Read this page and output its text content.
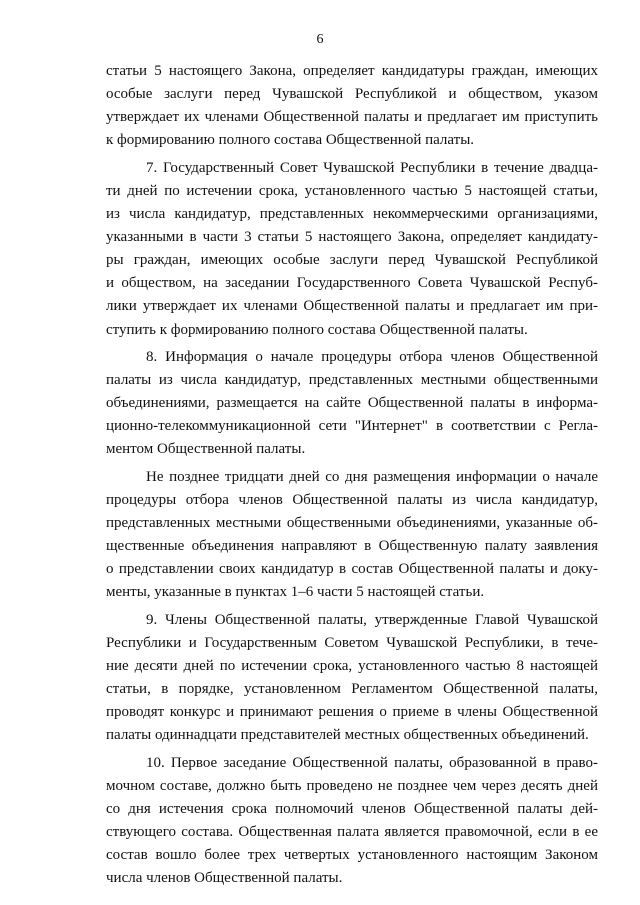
6
статьи 5 настоящего Закона, определяет кандидатуры граждан, имеющих
особые заслуги перед Чувашской Республикой и обществом, указом
утверждает их членами Общественной палаты и предлагает им приступить
к формированию полного состава Общественной палаты.
7. Государственный Совет Чувашской Республики в течение двадца-
ти дней по истечении срока, установленного частью 5 настоящей статьи,
из числа кандидатур, представленных некоммерческими организациями,
указанными в части 3 статьи 5 настоящего Закона, определяет кандидату-
ры граждан, имеющих особые заслуги перед Чувашской Республикой
и обществом, на заседании Государственного Совета Чувашской Респуб-
лики утверждает их членами Общественной палаты и предлагает им при-
ступить к формированию полного состава Общественной палаты.
8. Информация о начале процедуры отбора членов Общественной
палаты из числа кандидатур, представленных местными общественными
объединениями, размещается на сайте Общественной палаты в информа-
ционно-телекоммуникационной сети "Интернет" в соответствии с Регла-
ментом Общественной палаты.
Не позднее тридцати дней со дня размещения информации о начале
процедуры отбора членов Общественной палаты из числа кандидатур,
представленных местными общественными объединениями, указанные об-
щественные объединения направляют в Общественную палату заявления
о представлении своих кандидатур в состав Общественной палаты и доку-
менты, указанные в пунктах 1–6 части 5 настоящей статьи.
9. Члены Общественной палаты, утвержденные Главой Чувашской
Республики и Государственным Советом Чувашской Республики, в тече-
ние десяти дней по истечении срока, установленного частью 8 настоящей
статьи, в порядке, установленном Регламентом Общественной палаты,
проводят конкурс и принимают решения о приеме в члены Общественной
палаты одиннадцати представителей местных общественных объединений.
10. Первое заседание Общественной палаты, образованной в право-
мочном составе, должно быть проведено не позднее чем через десять дней
со дня истечения срока полномочий членов Общественной палаты дей-
ствующего состава. Общественная палата является правомочной, если в ее
состав вошло более трех четвертых установленного настоящим Законом
числа членов Общественной палаты.
